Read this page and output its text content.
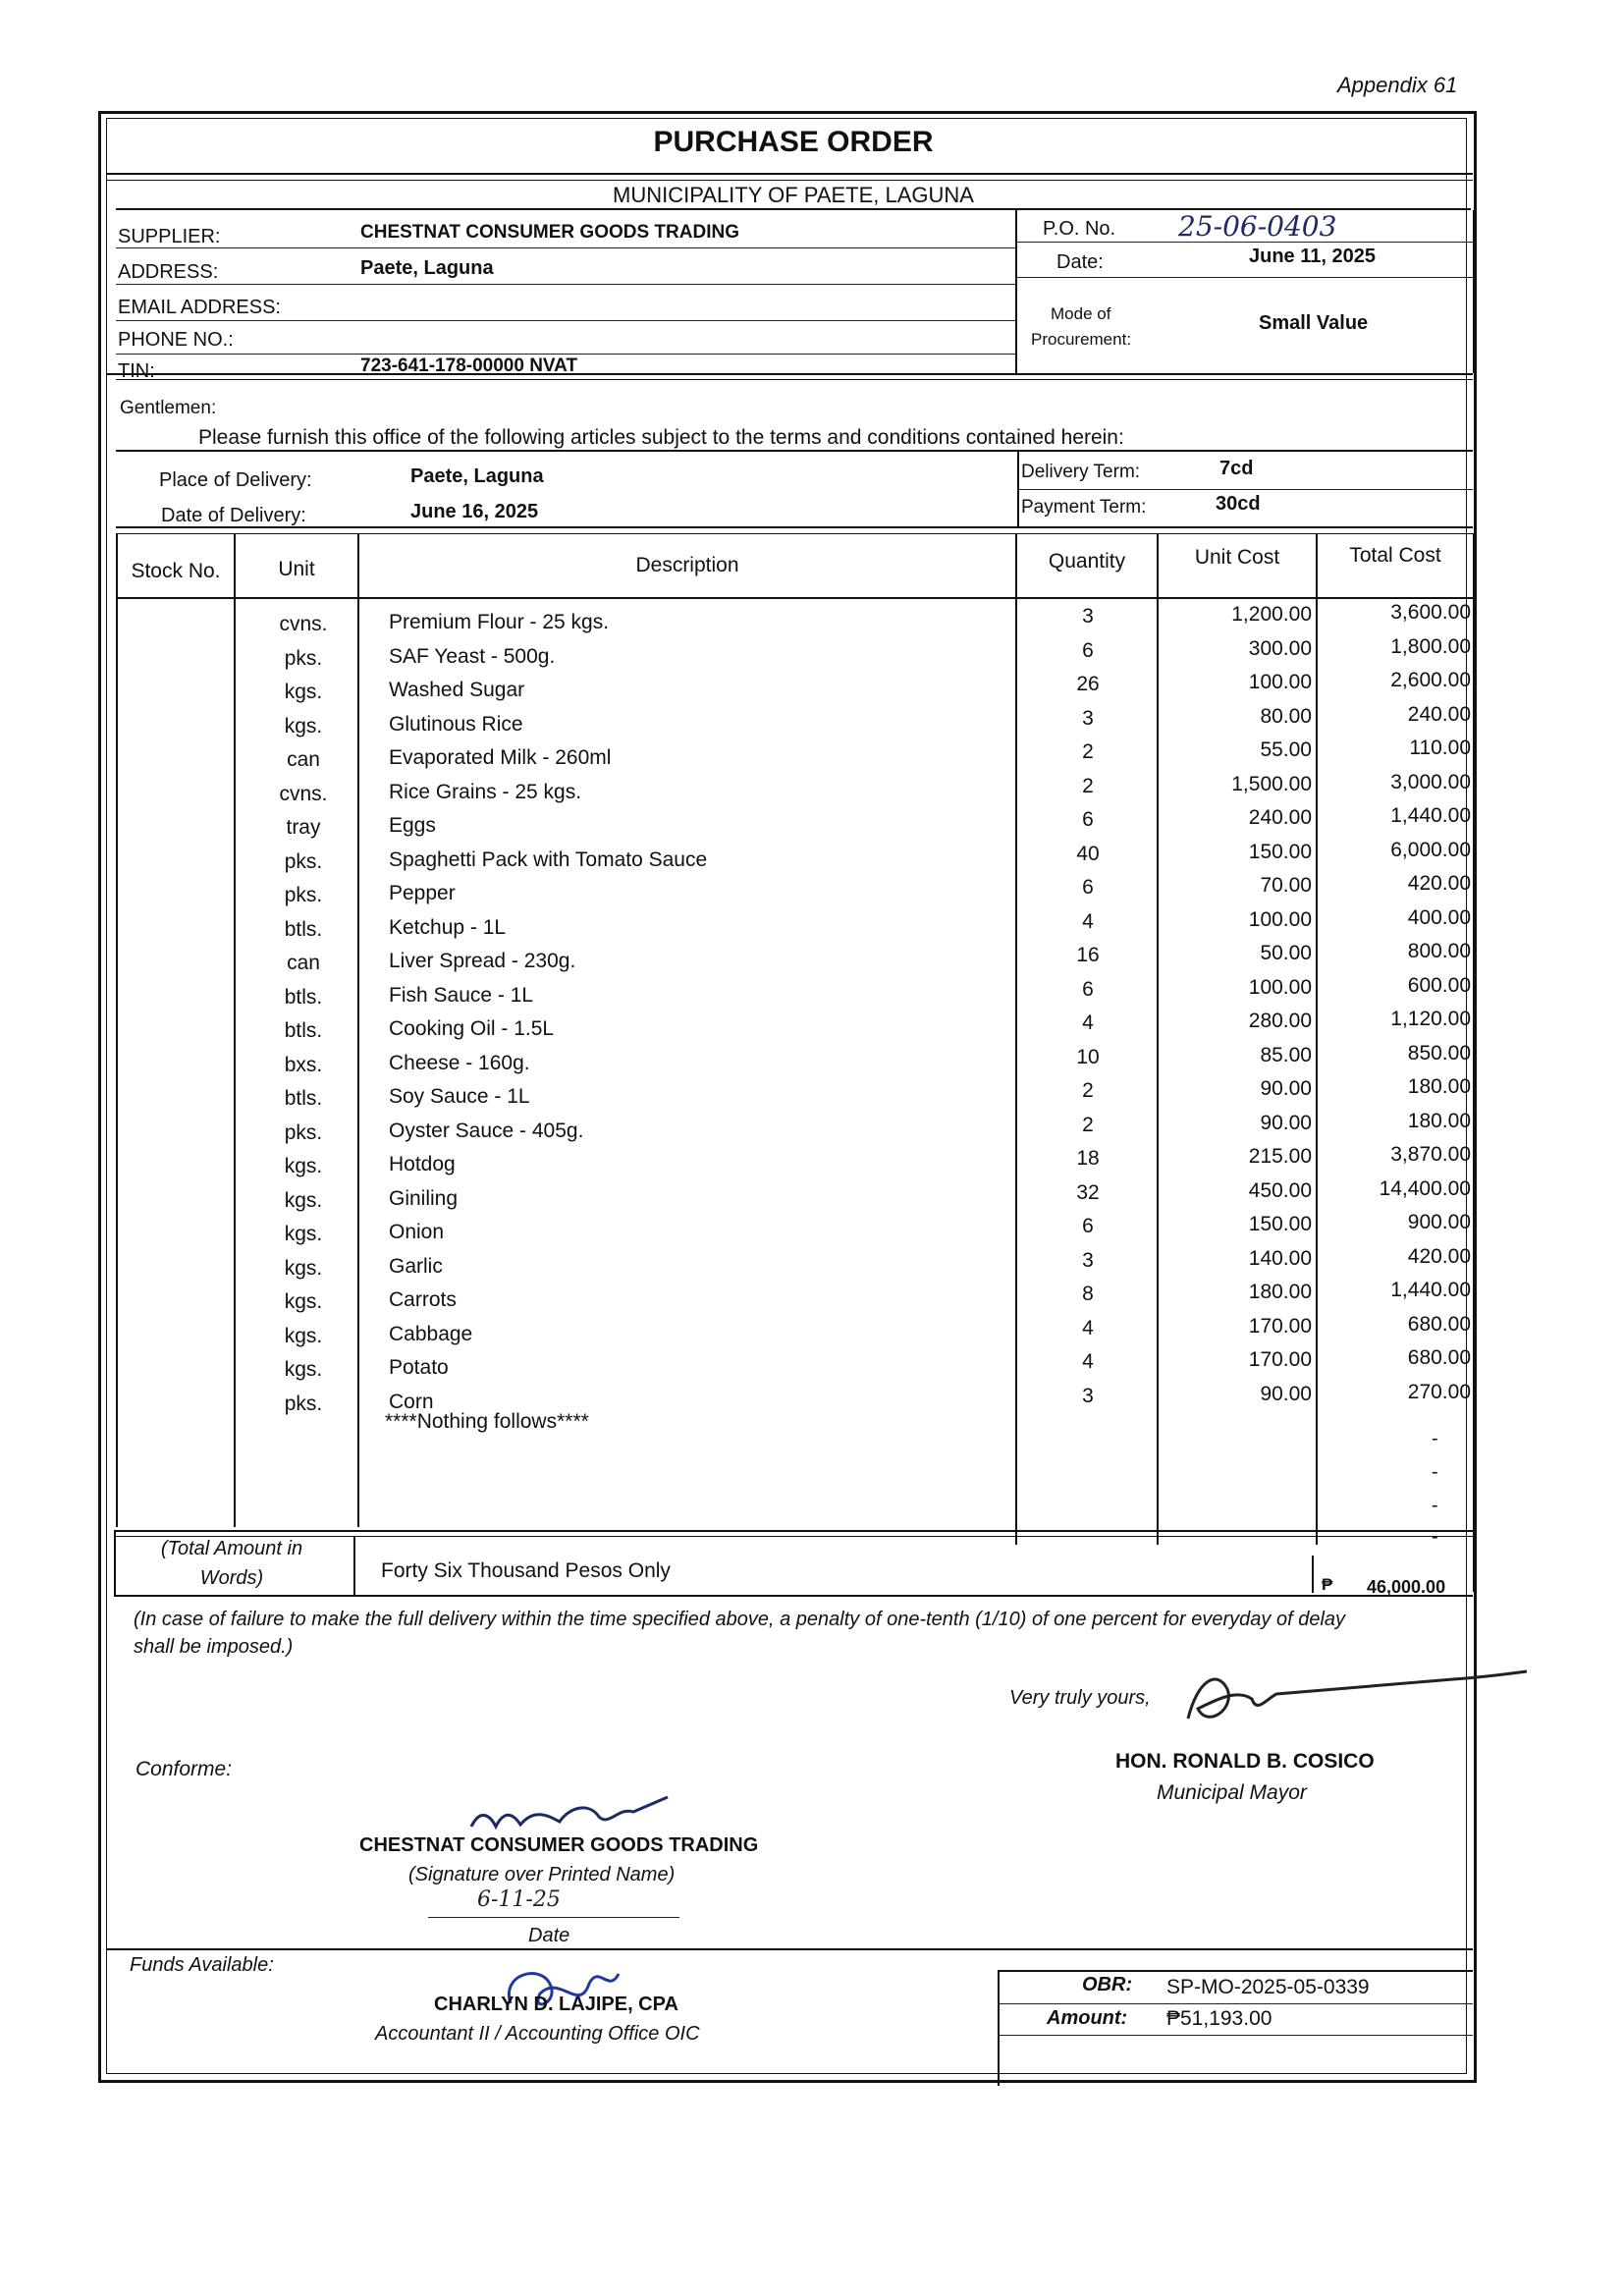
Appendix 61
PURCHASE ORDER
MUNICIPALITY OF PAETE, LAGUNA
SUPPLIER:	CHESTNAT CONSUMER GOODS TRADING
ADDRESS:	Paete, Laguna
EMAIL ADDRESS:
PHONE NO.:
TIN:	723-641-178-00000 NVAT
P.O. No. 25-06-0403
Date:	June 11, 2025
Mode of
Procurement:
Small Value
Gentlemen:
Please furnish this office of the following articles subject to the terms and conditions contained herein:
Place of Delivery:	Paete, Laguna
Date of Delivery:	June 16, 2025
Delivery Term:	7cd
Payment Term:	30cd
Stock No.	Unit	Description	Quantity	Unit Cost	Total Cost
cvns.	Premium Flour - 25 kgs.	3	1,200.00	3,600.00
pks.	SAF Yeast - 500g.	6	300.00	1,800.00
kgs.	Washed Sugar	26	100.00	2,600.00
kgs.	Glutinous Rice	3	80.00	240.00
can	Evaporated Milk - 260ml	2	55.00	110.00
cvns.	Rice Grains - 25 kgs.	2	1,500.00	3,000.00
tray	Eggs	6	240.00	1,440.00
pks.	Spaghetti Pack with Tomato Sauce	40	150.00	6,000.00
pks.	Pepper	6	70.00	420.00
btls.	Ketchup - 1L	4	100.00	400.00
can	Liver Spread - 230g.	16	50.00	800.00
btls.	Fish Sauce - 1L	6	100.00	600.00
btls.	Cooking Oil - 1.5L	4	280.00	1,120.00
bxs.	Cheese - 160g.	10	85.00	850.00
btls.	Soy Sauce - 1L	2	90.00	180.00
pks.	Oyster Sauce - 405g.	2	90.00	180.00
kgs.	Hotdog	18	215.00	3,870.00
kgs.	Giniling	32	450.00	14,400.00
kgs.	Onion	6	150.00	900.00
kgs.	Garlic	3	140.00	420.00
kgs.	Carrots	8	180.00	1,440.00
kgs.	Cabbage	4	170.00	680.00
kgs.	Potato	4	170.00	680.00
pks.	Corn	3	90.00	270.00
****Nothing follows****
-
-
-
-
(Total Amount in
Words)	Forty Six Thousand Pesos Only
₱ 46,000.00
(In case of failure to make the full delivery within the time specified above, a penalty of one-tenth (1/10) of one percent for everyday of delay
shall be imposed.)
Very truly yours,
HON. RONALD B. COSICO
Municipal Mayor
Conforme:
CHESTNAT CONSUMER GOODS TRADING
(Signature over Printed Name)
6-11-25
Date
Funds Available:
CHARLYN D. LAJIPE, CPA
Accountant II / Accounting Office OIC
OBR: SP-MO-2025-05-0339
Amount: ₱51,193.00
